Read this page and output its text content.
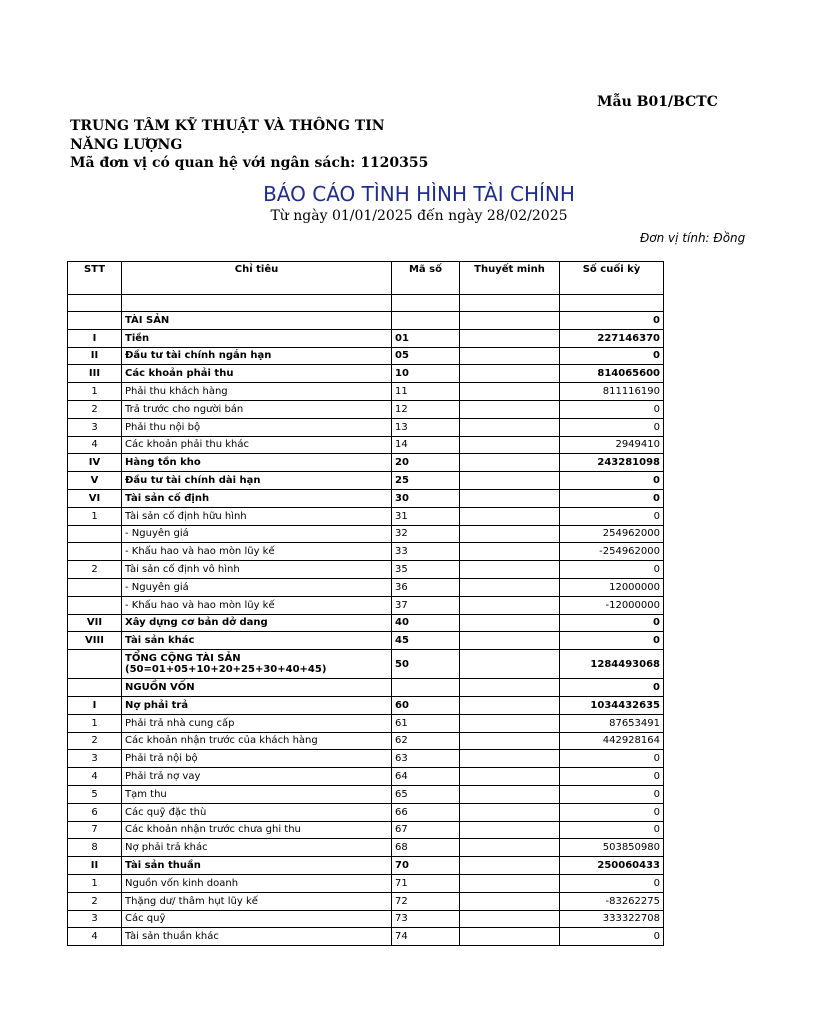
Mẫu B01/BCTC
TRUNG TÂM KỸ THUẬT VÀ THÔNG TIN NĂNG LƯỢNG
Mã đơn vị có quan hệ với ngân sách: 1120355
BÁO CÁO TÌNH HÌNH TÀI CHÍNH
Từ ngày 01/01/2025 đến ngày 28/02/2025
Đơn vị tính: Đồng
STT	Chỉ tiêu	Mã số	Thuyết minh	Số cuối kỳ

	TÀI SẢN			0
I	Tiền	01		227146370
II	Đầu tư tài chính ngắn hạn	05		0
III	Các khoản phải thu	10		814065600
1	Phải thu khách hàng	11		811116190
2	Trả trước cho người bán	12		0
3	Phải thu nội bộ	13		0
4	Các khoản phải thu khác	14		2949410
IV	Hàng tồn kho	20		243281098
V	Đầu tư tài chính dài hạn	25		0
VI	Tài sản cố định	30		0
1	Tài sản cố định hữu hình	31		0
	- Nguyên giá	32		254962000
	- Khấu hao và hao mòn lũy kế	33		-254962000
2	Tài sản cố định vô hình	35		0
	- Nguyên giá	36		12000000
	- Khấu hao và hao mòn lũy kế	37		-12000000
VII	Xây dựng cơ bản dở dang	40		0
VIII	Tài sản khác	45		0
	TỔNG CỘNG TÀI SẢN (50=01+05+10+20+25+30+40+45)	50		1284493068
	NGUỒN VỐN			0
I	Nợ phải trả	60		1034432635
1	Phải trả nhà cung cấp	61		87653491
2	Các khoản nhận trước của khách hàng	62		442928164
3	Phải trả nội bộ	63		0
4	Phải trả nợ vay	64		0
5	Tạm thu	65		0
6	Các quỹ đặc thù	66		0
7	Các khoản nhận trước chưa ghi thu	67		0
8	Nợ phải trả khác	68		503850980
II	Tài sản thuần	70		250060433
1	Nguồn vốn kinh doanh	71		0
2	Thặng dư/ thâm hụt lũy kế	72		-83262275
3	Các quỹ	73		333322708
4	Tài sản thuần khác	74		0
